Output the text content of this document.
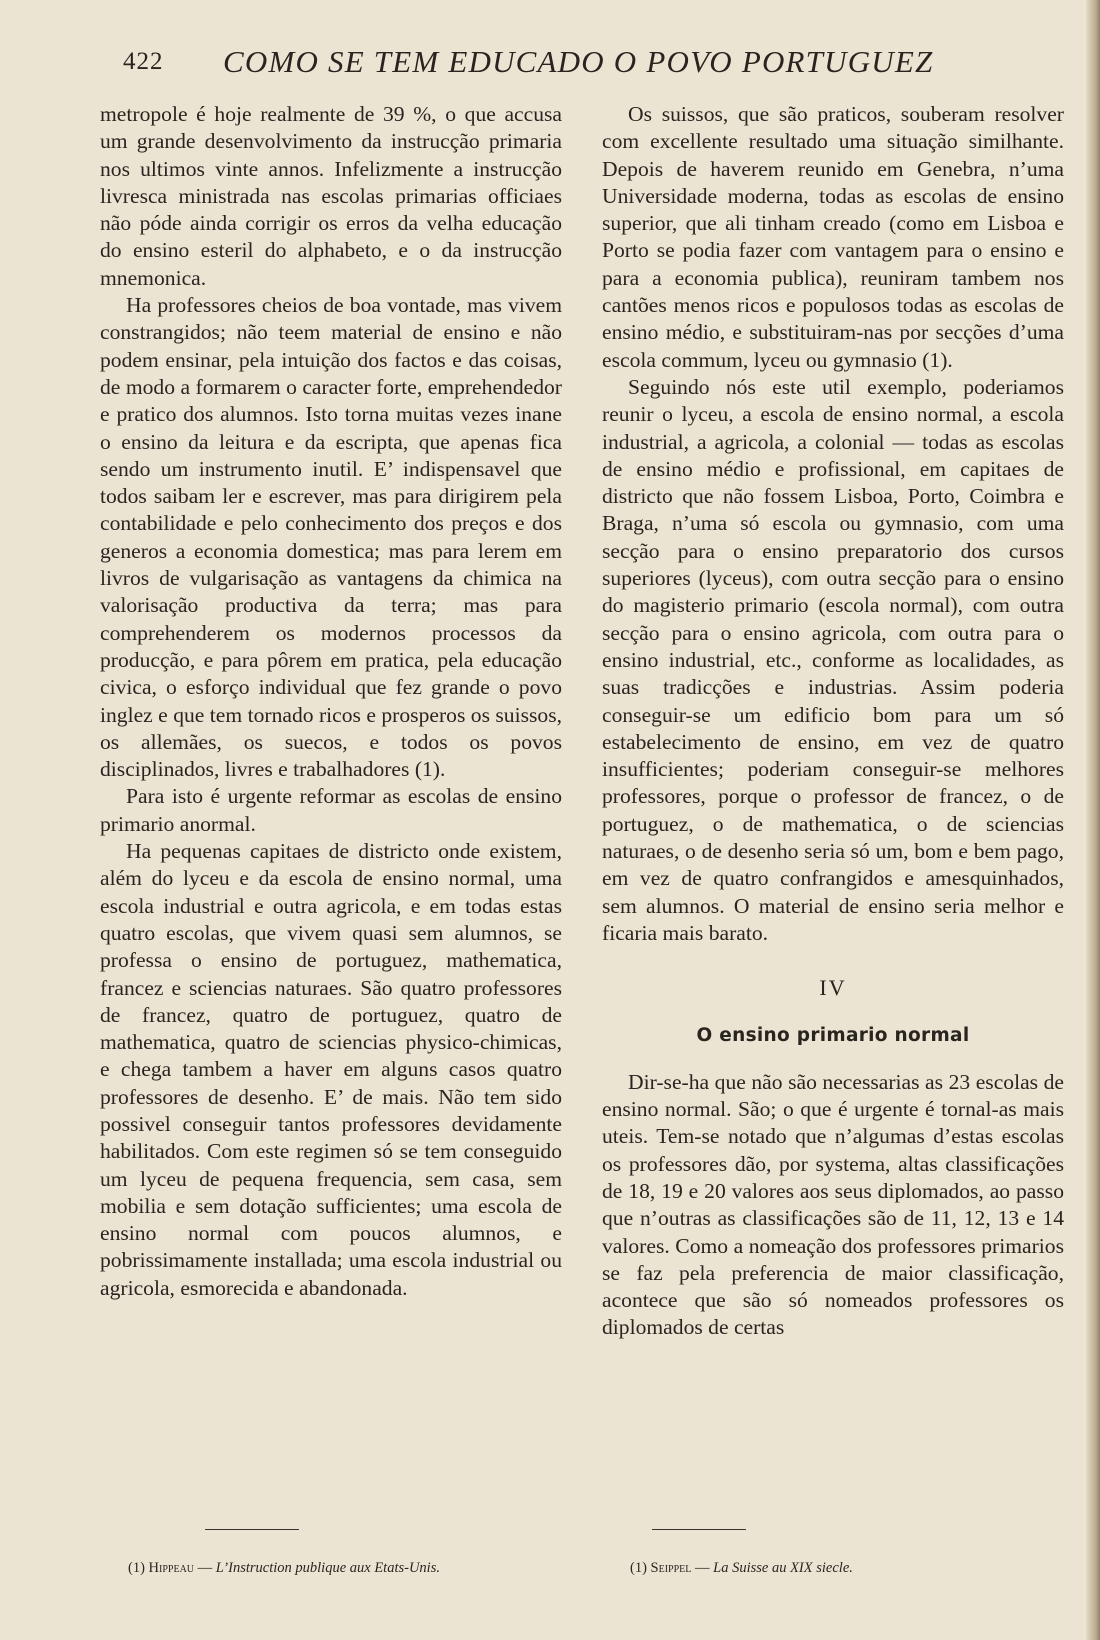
422 COMO SE TEM EDUCADO O POVO PORTUGUEZ

metropole é hoje realmente de 39 %, o que accusa um grande desenvolvimento da instrucção primaria nos ultimos vinte annos. Infelizmente a instrucção livresca ministrada nas escolas primarias officiaes não póde ainda corrigir os erros da velha educação do ensino esteril do alphabeto, e o da instrucção mnemonica.

Ha professores cheios de boa vontade, mas vivem constrangidos; não teem material de ensino e não podem ensinar, pela intuição dos factos e das coisas, de modo a formarem o caracter forte, emprehendedor e pratico dos alumnos. Isto torna muitas vezes inane o ensino da leitura e da escripta, que apenas fica sendo um instrumento inutil. E’ indispensavel que todos saibam ler e escrever, mas para dirigirem pela contabilidade e pelo conhecimento dos preços e dos generos a economia domestica; mas para lerem em livros de vulgarisação as vantagens da chimica na valorisação productiva da terra; mas para comprehenderem os modernos processos da producção, e para pôrem em pratica, pela educação civica, o esforço individual que fez grande o povo inglez e que tem tornado ricos e prosperos os suissos, os allemães, os suecos, e todos os povos disciplinados, livres e trabalhadores (1).

Para isto é urgente reformar as escolas de ensino primario anormal.

Ha pequenas capitaes de districto onde existem, além do lyceu e da escola de ensino normal, uma escola industrial e outra agricola, e em todas estas quatro escolas, que vivem quasi sem alumnos, se professa o ensino de portuguez, mathematica, francez e sciencias naturaes. São quatro professores de francez, quatro de portuguez, quatro de mathematica, quatro de sciencias physico-chimicas, e chega tambem a haver em alguns casos quatro professores de desenho. E’ de mais. Não tem sido possivel conseguir tantos professores devidamente habilitados. Com este regimen só se tem conseguido um lyceu de pequena frequencia, sem casa, sem mobilia e sem dotação sufficientes; uma escola de ensino normal com poucos alumnos, e pobrissimamente installada; uma escola industrial ou agricola, esmorecida e abandonada.

Os suissos, que são praticos, souberam resolver com excellente resultado uma situação similhante. Depois de haverem reunido em Genebra, n’uma Universidade moderna, todas as escolas de ensino superior, que ali tinham creado (como em Lisboa e Porto se podia fazer com vantagem para o ensino e para a economia publica), reuniram tambem nos cantões menos ricos e populosos todas as escolas de ensino médio, e substituiram-nas por secções d’uma escola commum, lyceu ou gymnasio (1).

Seguindo nós este util exemplo, poderiamos reunir o lyceu, a escola de ensino normal, a escola industrial, a agricola, a colonial — todas as escolas de ensino médio e profissional, em capitaes de districto que não fossem Lisboa, Porto, Coimbra e Braga, n’uma só escola ou gymnasio, com uma secção para o ensino preparatorio dos cursos superiores (lyceus), com outra secção para o ensino do magisterio primario (escola normal), com outra secção para o ensino agricola, com outra para o ensino industrial, etc., conforme as localidades, as suas tradicções e industrias. Assim poderia conseguir-se um edificio bom para um só estabelecimento de ensino, em vez de quatro insufficientes; poderiam conseguir-se melhores professores, porque o professor de francez, o de portuguez, o de mathematica, o de sciencias naturaes, o de desenho seria só um, bom e bem pago, em vez de quatro confrangidos e amesquinhados, sem alumnos. O material de ensino seria melhor e ficaria mais barato.

IV
O ensino primario normal

Dir-se-ha que não são necessarias as 23 escolas de ensino normal. São; o que é urgente é tornal-as mais uteis. Tem-se notado que n’algumas d’estas escolas os professores dão, por systema, altas classificações de 18, 19 e 20 valores aos seus diplomados, ao passo que n’outras as classificações são de 11, 12, 13 e 14 valores. Como a nomeação dos professores primarios se faz pela preferencia de maior classificação, acontece que são só nomeados professores os diplomados de certas

(1) Hippeau — L’Instruction publique aux Etats-Unis.	(1) Seippel — La Suisse au XIX siecle.
